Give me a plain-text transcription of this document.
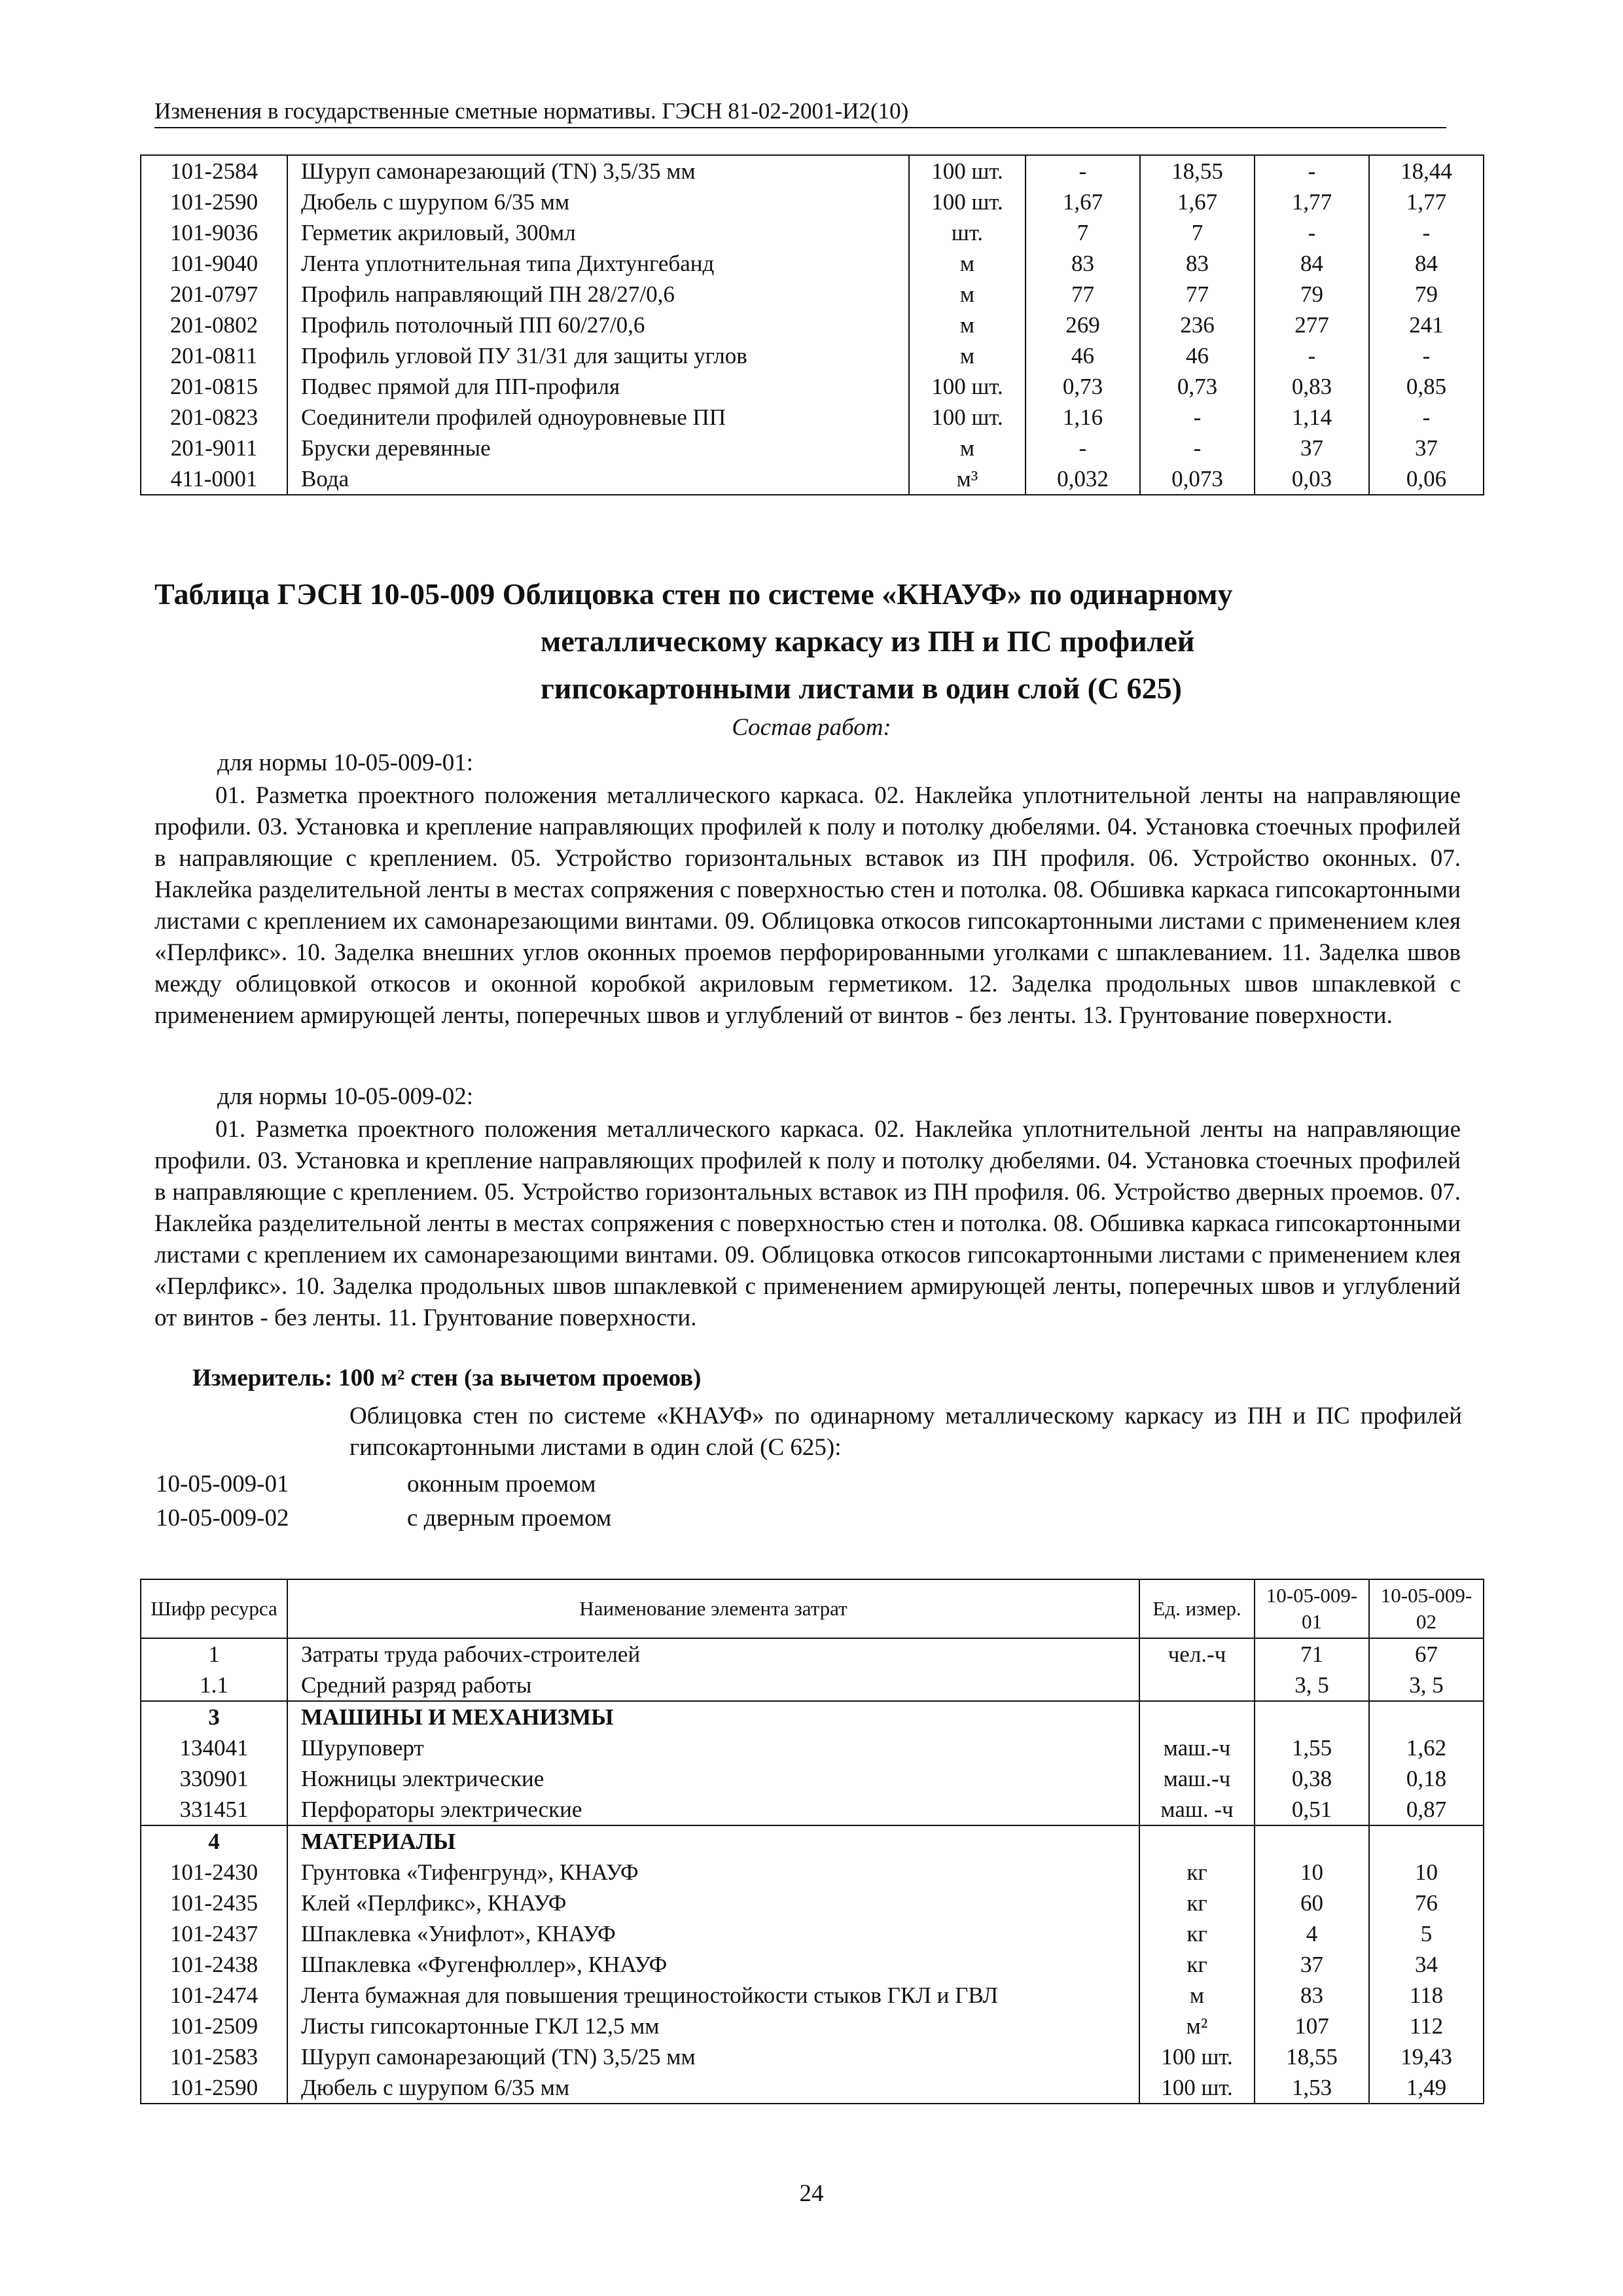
Изменения в государственные сметные нормативы. ГЭСН 81-02-2001-И2(10)
101-2584	Шуруп самонарезающий (TN) 3,5/35 мм	100 шт.	-	18,55	-	18,44
101-2590	Дюбель с шурупом 6/35 мм	100 шт.	1,67	1,67	1,77	1,77
101-9036	Герметик акриловый, 300мл	шт.	7	7	-	-
101-9040	Лента уплотнительная типа Дихтунгебанд	м	83	83	84	84
201-0797	Профиль направляющий ПН 28/27/0,6	м	77	77	79	79
201-0802	Профиль потолочный ПП 60/27/0,6	м	269	236	277	241
201-0811	Профиль угловой ПУ 31/31 для защиты углов	м	46	46	-	-
201-0815	Подвес прямой для ПП-профиля	100 шт.	0,73	0,73	0,83	0,85
201-0823	Соединители профилей одноуровневые ПП	100 шт.	1,16	-	1,14	-
201-9011	Бруски деревянные	м	-	-	37	37
411-0001	Вода	м³	0,032	0,073	0,03	0,06
Таблица ГЭСН 10-05-009 Облицовка стен по системе «КНАУФ» по одинарному
металлическому каркасу из ПН и ПС профилей
гипсокартонными листами в один слой (С 625)
Состав работ:
для нормы 10-05-009-01:
01. Разметка проектного положения металлического каркаса. 02. Наклейка уплотнительной ленты на направляющие профили. 03. Установка и крепление направляющих профилей к полу и потолку дюбелями. 04. Установка стоечных профилей в направляющие с креплением. 05. Устройство горизонтальных вставок из ПН профиля. 06. Устройство оконных. 07. Наклейка разделительной ленты в местах сопряжения с поверхностью стен и потолка. 08. Обшивка каркаса гипсокартонными листами с креплением их самонарезающими винтами. 09. Облицовка откосов гипсокартонными листами с применением клея «Перлфикс». 10. Заделка внешних углов оконных проемов перфорированными уголками с шпаклеванием. 11. Заделка швов между облицовкой откосов и оконной коробкой акриловым герметиком. 12. Заделка продольных швов шпаклевкой с применением армирующей ленты, поперечных швов и углублений от винтов - без ленты. 13. Грунтование поверхности.
для нормы 10-05-009-02:
01. Разметка проектного положения металлического каркаса. 02. Наклейка уплотнительной ленты на направляющие профили. 03. Установка и крепление направляющих профилей к полу и потолку дюбелями. 04. Установка стоечных профилей в направляющие с креплением. 05. Устройство горизонтальных вставок из ПН профиля. 06. Устройство дверных проемов. 07. Наклейка разделительной ленты в местах сопряжения с поверхностью стен и потолка. 08. Обшивка каркаса гипсокартонными листами с креплением их самонарезающими винтами. 09. Облицовка откосов гипсокартонными листами с применением клея «Перлфикс». 10. Заделка продольных швов шпаклевкой с применением армирующей ленты, поперечных швов и углублений от винтов - без ленты. 11. Грунтование поверхности.
Измеритель: 100 м² стен (за вычетом проемов)
Облицовка стен по системе «КНАУФ» по одинарному металлическому каркасу из ПН и ПС профилей гипсокартонными листами в один слой (С 625):
10-05-009-01	оконным проемом
10-05-009-02	с дверным проемом
Шифр ресурса	Наименование элемента затрат	Ед. измер.	10-05-009-01	10-05-009-02
1	Затраты труда рабочих-строителей	чел.-ч	71	67
1.1	Средний разряд работы		3, 5	3, 5
3	МАШИНЫ И МЕХАНИЗМЫ			
134041	Шуруповерт	маш.-ч	1,55	1,62
330901	Ножницы электрические	маш.-ч	0,38	0,18
331451	Перфораторы электрические	маш. -ч	0,51	0,87
4	МАТЕРИАЛЫ			
101-2430	Грунтовка «Тифенгрунд», КНАУФ	кг	10	10
101-2435	Клей «Перлфикс», КНАУФ	кг	60	76
101-2437	Шпаклевка «Унифлот», КНАУФ	кг	4	5
101-2438	Шпаклевка «Фугенфюллер», КНАУФ	кг	37	34
101-2474	Лента бумажная для повышения трещиностойкости стыков ГКЛ и ГВЛ	м	83	118
101-2509	Листы гипсокартонные ГКЛ 12,5 мм	м²	107	112
101-2583	Шуруп самонарезающий (TN) 3,5/25 мм	100 шт.	18,55	19,43
101-2590	Дюбель с шурупом 6/35 мм	100 шт.	1,53	1,49
24
